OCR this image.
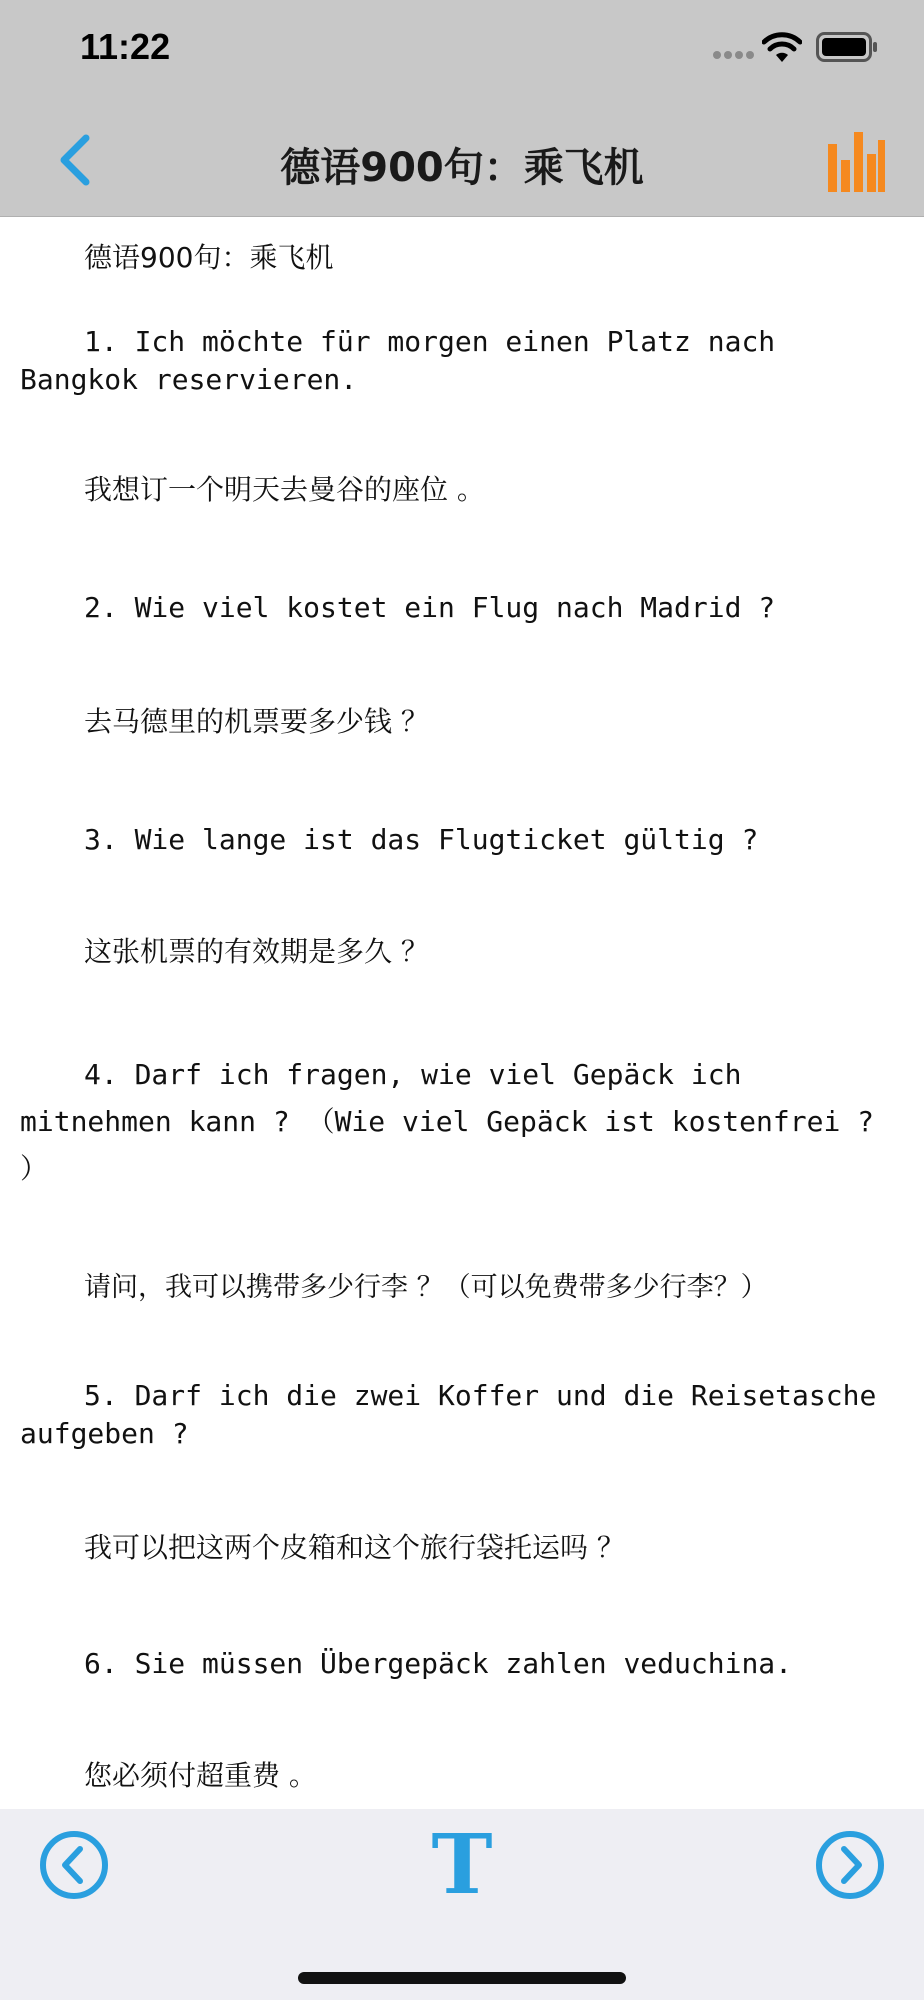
11:22
德语900句：乘飞机

德语900句：乘飞机

1. Ich möchte für morgen einen Platz nach Bangkok reservieren.

我想订一个明天去曼谷的座位 。

2. Wie viel kostet ein Flug nach Madrid ?

去马德里的机票要多少钱 ？

3. Wie lange ist das Flugticket gültig ?

这张机票的有效期是多久 ？

4. Darf ich fragen, wie viel Gepäck ich mitnehmen kann ? （Wie viel Gepäck ist kostenfrei ? ）

请问，我可以携带多少行李 ？（可以免费带多少行李？）

5. Darf ich die zwei Koffer und die Reisetasche aufgeben ?

我可以把这两个皮箱和这个旅行袋托运吗 ？

6. Sie müssen Übergepäck zahlen veduchina.

您必须付超重费 。

T
